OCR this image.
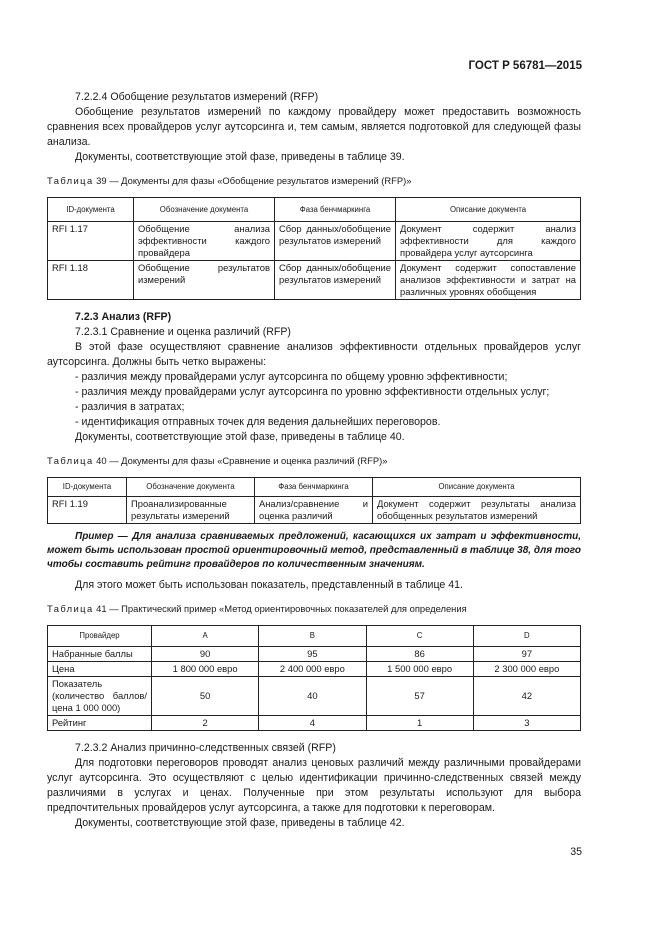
ГОСТ Р 56781—2015

7.2.2.4 Обобщение результатов измерений (RFP)

Обобщение результатов измерений по каждому провайдеру может предоставить возможность сравнения всех провайдеров услуг аутсорсинга и, тем самым, является подготовкой для следующей фазы анализа.

Документы, соответствующие этой фазе, приведены в таблице 39.

Таблица 39 — Документы для фазы «Обобщение результатов измерений (RFP)»

ID-документа	Обозначение документа	Фаза бенчмаркинга	Описание документа
RFI 1.17	Обобщение анализа эффективности каждого провайдера	Сбор данных/обобщение результатов измерений	Документ содержит анализ эффективности для каждого провайдера услуг аутсорсинга
RFI 1.18	Обобщение результатов измерений	Сбор данных/обобщение результатов измерений	Документ содержит сопоставление анализов эффективности и затрат на различных уровнях обобщения

7.2.3 Анализ (RFP)

7.2.3.1 Сравнение и оценка различий (RFP)

В этой фазе осуществляют сравнение анализов эффективности отдельных провайдеров услуг аутсорсинга. Должны быть четко выражены:

- различия между провайдерами услуг аутсорсинга по общему уровню эффективности;

- различия между провайдерами услуг аутсорсинга по уровню эффективности отдельных услуг;

- различия в затратах;

- идентификация отправных точек для ведения дальнейших переговоров.

Документы, соответствующие этой фазе, приведены в таблице 40.

Таблица 40 — Документы для фазы «Сравнение и оценка различий (RFP)»

ID-документа	Обозначение документа	Фаза бенчмаркинга	Описание документа
RFI 1.19	Проанализированные результаты измерений	Анализ/сравнение и оценка различий	Документ содержит результаты анализа обобщенных результатов измерений

Пример — Для анализа сравниваемых предложений, касающихся их затрат и эффективности, может быть использован простой ориентировочный метод, представленный в таблице 38, для того чтобы составить рейтинг провайдеров по количественным значениям.

Для этого может быть использован показатель, представленный в таблице 41.

Таблица 41 — Практический пример «Метод ориентировочных показателей для определения

Провайдер	A	B	C	D
Набранные баллы	90	95	86	97
Цена	1 800 000 евро	2 400 000 евро	1 500 000 евро	2 300 000 евро
Показатель (количество баллов/цена 1 000 000)	50	40	57	42
Рейтинг	2	4	1	3

7.2.3.2 Анализ причинно-следственных связей (RFP)

Для подготовки переговоров проводят анализ ценовых различий между различными провайдерами услуг аутсорсинга. Это осуществляют с целью идентификации причинно-следственных связей между различиями в услугах и ценах. Полученные при этом результаты используют для выбора предпочтительных провайдеров услуг аутсорсинга, а также для подготовки к переговорам.

Документы, соответствующие этой фазе, приведены в таблице 42.

35
